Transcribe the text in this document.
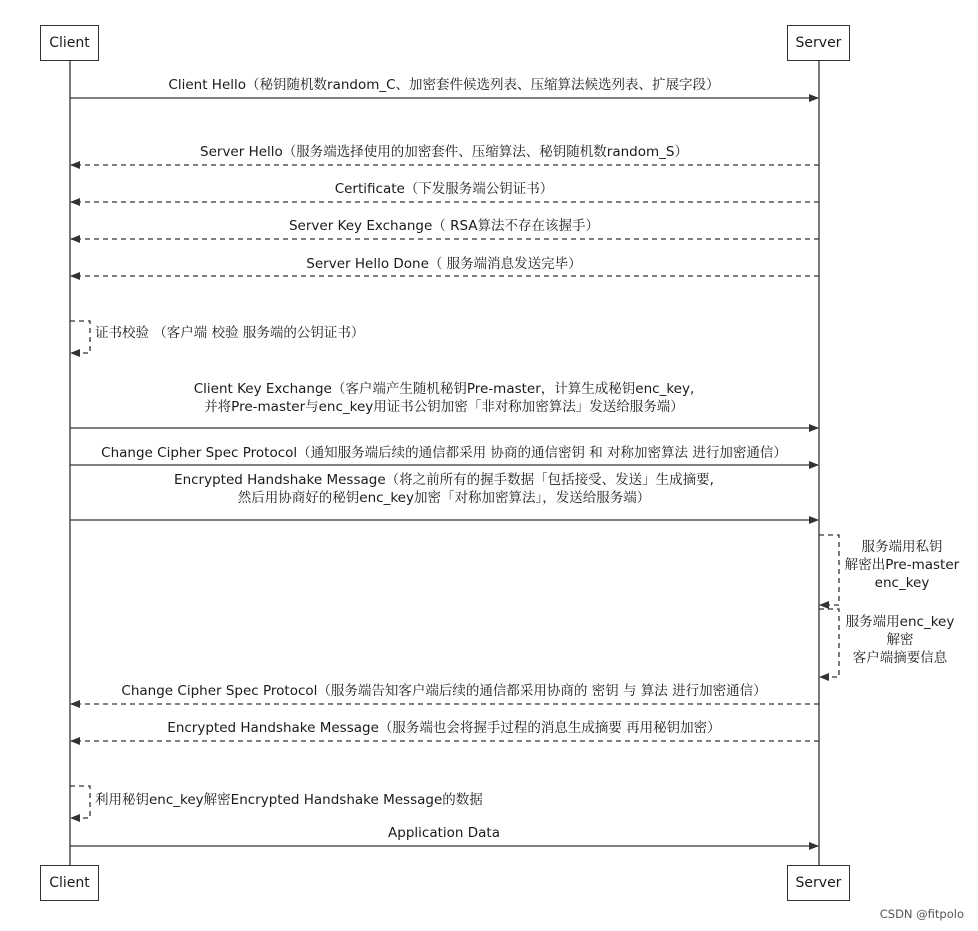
Client	Server
Client	Server
Client Hello（秘钥随机数random_C、加密套件候选列表、压缩算法候选列表、扩展字段）
Server Hello（服务端选择使用的加密套件、压缩算法、秘钥随机数random_S）
Certificate（下发服务端公钥证书）
Server Key Exchange（ RSA算法不存在该握手）
Server Hello Done（ 服务端消息发送完毕）
证书校验 （客户端 校验 服务端的公钥证书）
Client Key Exchange（客户端产生随机秘钥Pre-master，计算生成秘钥enc_key,
并将Pre-master与enc_key用证书公钥加密「非对称加密算法」发送给服务端）
Change Cipher Spec Protocol（通知服务端后续的通信都采用 协商的通信密钥 和 对称加密算法 进行加密通信）
Encrypted Handshake Message（将之前所有的握手数据「包括接受、发送」生成摘要,
然后用协商好的秘钥enc_key加密「对称加密算法」，发送给服务端）
服务端用私钥
解密出Pre-master
enc_key
服务端用enc_key
解密
客户端摘要信息
Change Cipher Spec Protocol（服务端告知客户端后续的通信都采用协商的 密钥 与 算法 进行加密通信）
Encrypted Handshake Message（服务端也会将握手过程的消息生成摘要 再用秘钥加密）
利用秘钥enc_key解密Encrypted Handshake Message的数据
Application Data
CSDN @fitpolo
